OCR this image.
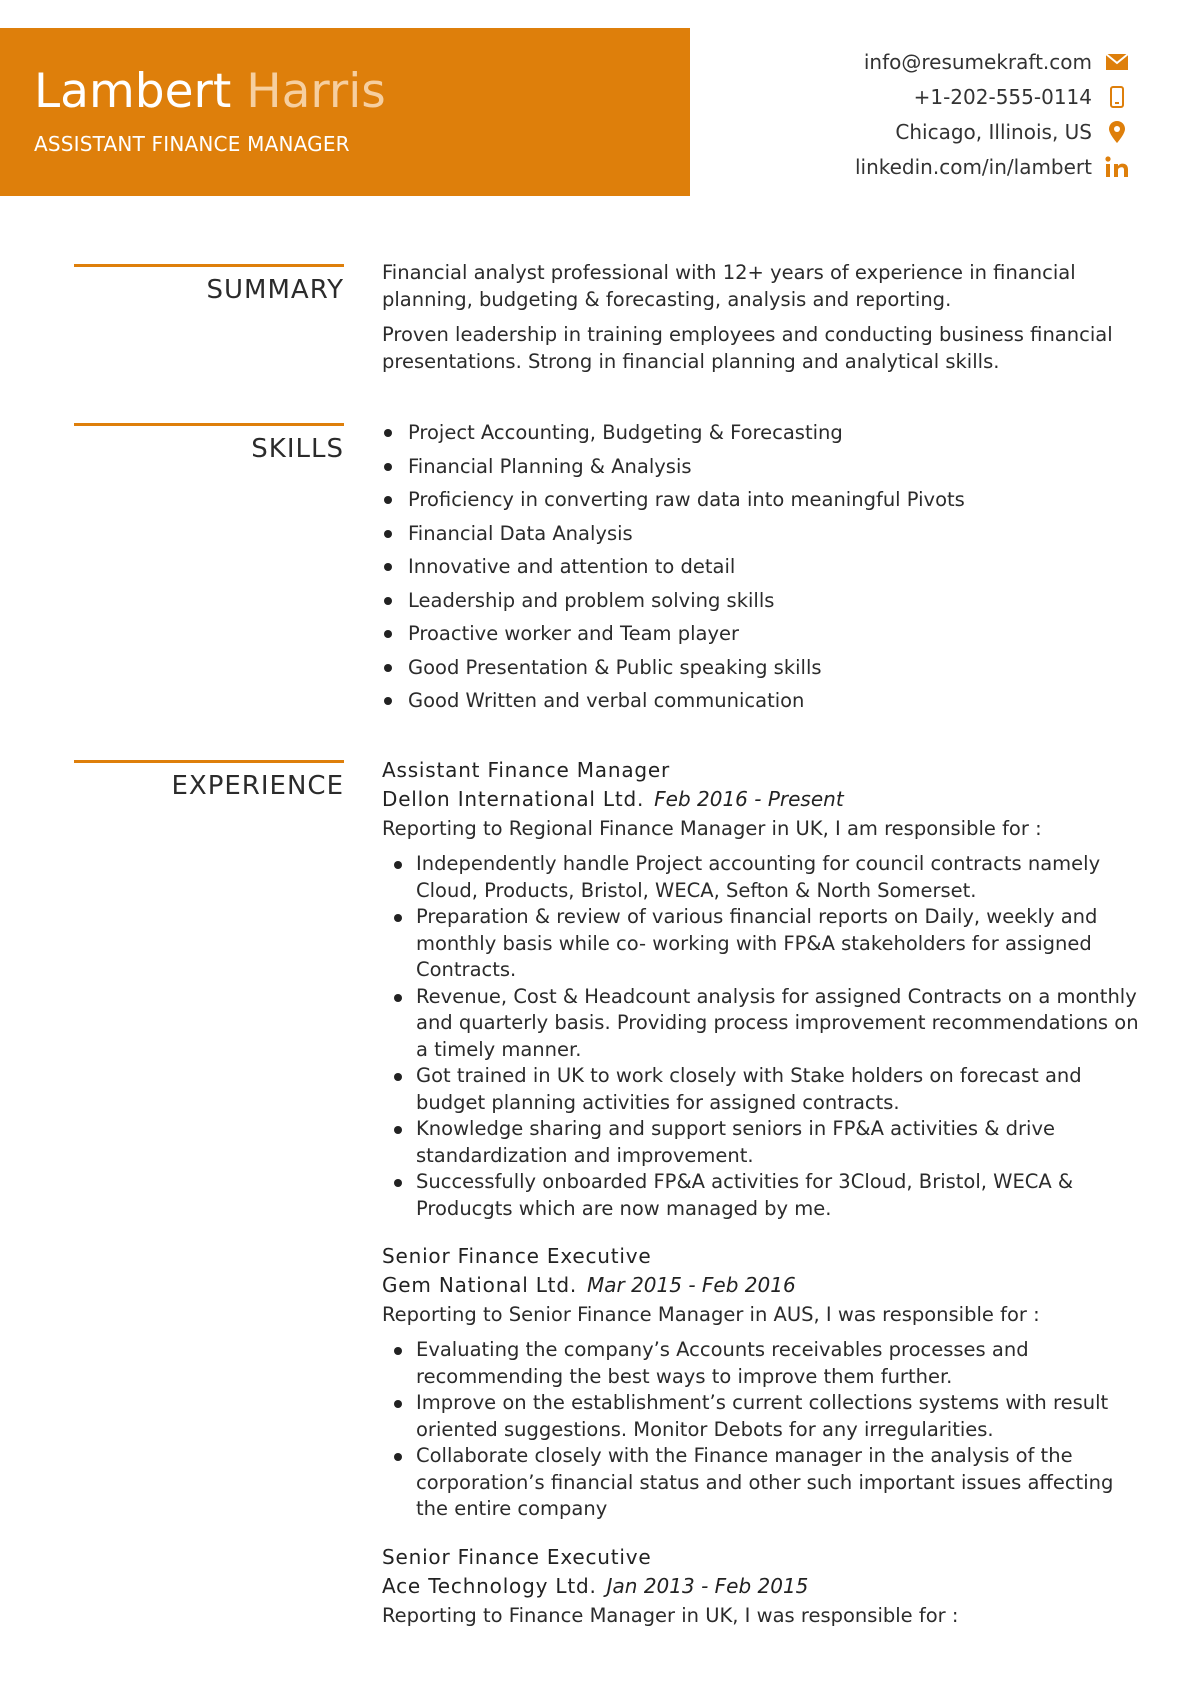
Lambert Harris
ASSISTANT FINANCE MANAGER
info@resumekraft.com
+1-202-555-0114
Chicago, Illinois, US
linkedin.com/in/lambert
SUMMARY

Financial analyst professional with 12+ years of experience in financial planning, budgeting & forecasting, analysis and reporting.

Proven leadership in training employees and conducting business financial presentations. Strong in financial planning and analytical skills.

SKILLS
Project Accounting, Budgeting & Forecasting
Financial Planning & Analysis
Proficiency in converting raw data into meaningful Pivots
Financial Data Analysis
Innovative and attention to detail
Leadership and problem solving skills
Proactive worker and Team player
Good Presentation & Public speaking skills
Good Written and verbal communication
EXPERIENCE
Assistant Finance Manager
Dellon International Ltd. Feb 2016 - Present
Reporting to Regional Finance Manager in UK, I am responsible for :
Independently handle Project accounting for council contracts namely Cloud, Products, Bristol, WECA, Sefton & North Somerset.
Preparation & review of various financial reports on Daily, weekly and monthly basis while co- working with FP&A stakeholders for assigned Contracts.
Revenue, Cost & Headcount analysis for assigned Contracts on a monthly and quarterly basis. Providing process improvement recommendations on a timely manner.
Got trained in UK to work closely with Stake holders on forecast and budget planning activities for assigned contracts.
Knowledge sharing and support seniors in FP&A activities & drive standardization and improvement.
Successfully onboarded FP&A activities for 3Cloud, Bristol, WECA & Producgts which are now managed by me.
Senior Finance Executive
Gem National Ltd. Mar 2015 - Feb 2016
Reporting to Senior Finance Manager in AUS, I was responsible for :
Evaluating the company’s Accounts receivables processes and recommending the best ways to improve them further.
Improve on the establishment’s current collections systems with result oriented suggestions. Monitor Debots for any irregularities.
Collaborate closely with the Finance manager in the analysis of the corporation’s financial status and other such important issues affecting the entire company
Senior Finance Executive
Ace Technology Ltd. Jan 2013 - Feb 2015
Reporting to Finance Manager in UK, I was responsible for :
